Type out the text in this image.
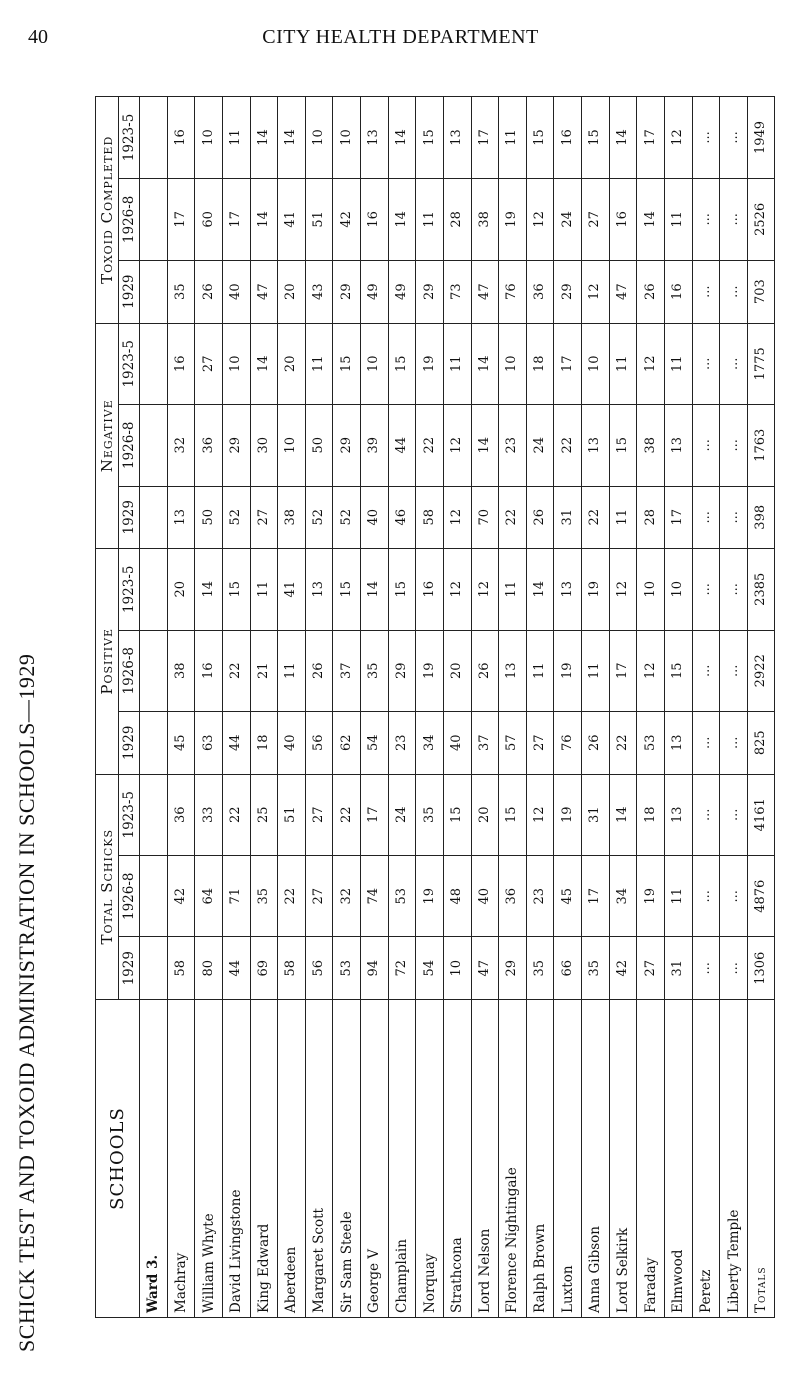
40	CITY HEALTH DEPARTMENT
SCHICK TEST AND TOXOID ADMINISTRATION IN SCHOOLS—1929	SCHOOLS	Total Schicks			Positive			Negative			Toxoid Completed		
	1929	1926-8	1923-5	1929	1926-8	1923-5	1929	1926-8	1923-5	1929	1926-8	1923-5
Ward 3.												
Machray	58	42	36	45	38	20	13	32	16	35	17	16
William Whyte	80	64	33	63	16	14	50	36	27	26	60	10
David Livingstone	44	71	22	44	22	15	52	29	10	40	17	11
King Edward	69	35	25	18	21	11	27	30	14	47	14	14
Aberdeen	58	22	51	40	11	41	38	10	20	20	41	14
Margaret Scott	56	27	27	56	26	13	52	50	11	43	51	10
Sir Sam Steele	53	32	22	62	37	15	52	29	15	29	42	10
George V	94	74	17	54	35	14	40	39	10	49	16	13
Champlain	72	53	24	23	29	15	46	44	15	49	14	14
Norquay	54	19	35	34	19	16	58	22	19	29	11	15
Strathcona	10	48	15	40	20	12	12	12	11	73	28	13
Lord Nelson	47	40	20	37	26	12	70	14	14	47	38	17
Florence Nightingale	29	36	15	57	13	11	22	23	10	76	19	11
Ralph Brown	35	23	12	27	11	14	26	24	18	36	12	15
Luxton	66	45	19	76	19	13	31	22	17	29	24	16
Anna Gibson	35	17	31	26	11	19	22	13	10	12	27	15
Lord Selkirk	42	34	14	22	17	12	11	15	11	47	16	14
Faraday	27	19	18	53	12	10	28	38	12	26	14	17
Elmwood	31	11	13	13	15	10	17	13	11	16	11	12
Peretz	...	...	...	...	...	...	...	...	...	...	...	...
Liberty Temple	...	...	...	...	...	...	...	...	...	...	...	...
Totals	1306	4876	4161	825	2922	2385	398	1763	1775	703	2526	1949
